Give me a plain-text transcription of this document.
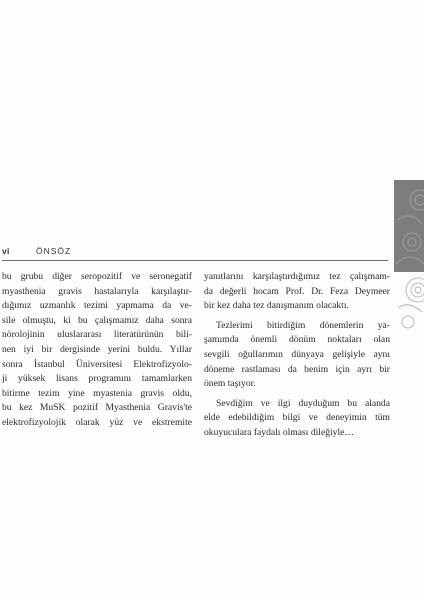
vi	ÖNSÖZ
bu grubu diğer seropozitif ve seronegatif
myasthenia gravis hastalarıyla karşılaştır-
dığımız uzmanlık tezimi yapmama da ve-
sile olmuştu, ki bu çalışmamız daha sonra
nörolojinin uluslararası literatürünün bili-
nen iyi bir dergisinde yerini buldu. Yıllar
sonra İstanbul Üniversitesi Elektrofizyolo-
ji yüksek lisans programını tamamlarken
bitirme tezim yine myastenia gravis oldu,
bu kez MuSK pozitif Myasthenia Gravis'te
elektrofizyolojik olarak yüz ve ekstremite
yanıtlarını karşılaştırdığımız tez çalışmam-
da değerli hocam Prof. Dr. Feza Deymeer
bir kez daha tez danışmanım olacaktı.
Tezlerimi bitirdiğim dönemlerin ya-
şamımda önemli dönüm noktaları olan
sevgili oğullarımın dünyaya gelişiyle aynı
döneme rastlaması da benim için ayrı bir
önem taşıyor.
Sevdiğim ve ilgi duyduğum bu alanda
elde edebildiğim bilgi ve deneyimin tüm
okuyuculara faydalı olması dileğiyle…
